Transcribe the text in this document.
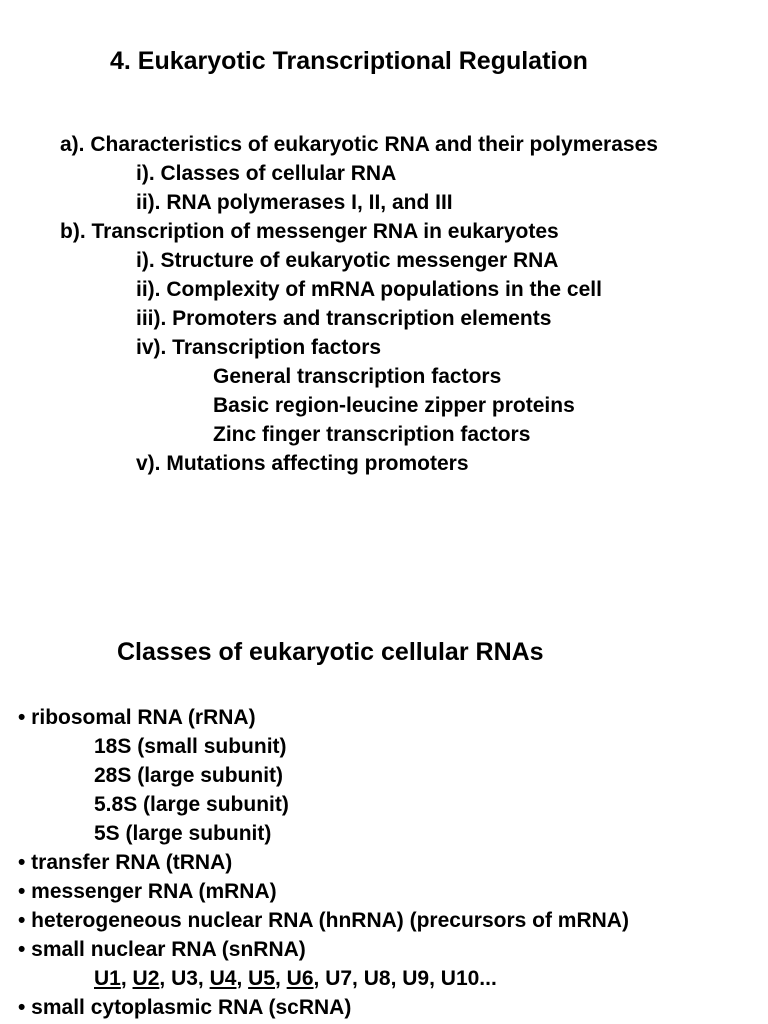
4. Eukaryotic Transcriptional Regulation
a). Characteristics of eukaryotic RNA and their polymerases
i). Classes of cellular RNA
ii). RNA polymerases I, II, and III
b). Transcription of messenger RNA in eukaryotes
i). Structure of eukaryotic messenger RNA
ii). Complexity of mRNA populations in the cell
iii). Promoters and transcription elements
iv). Transcription factors
General transcription factors
Basic region-leucine zipper proteins
Zinc finger transcription factors
v). Mutations affecting promoters
Classes of eukaryotic cellular RNAs
• ribosomal RNA (rRNA)
18S (small subunit)
28S (large subunit)
5.8S (large subunit)
5S (large subunit)
• transfer RNA (tRNA)
• messenger RNA (mRNA)
• heterogeneous nuclear RNA (hnRNA) (precursors of mRNA)
• small nuclear RNA (snRNA)
U1, U2, U3, U4, U5, U6, U7, U8, U9, U10...
• small cytoplasmic RNA (scRNA)
